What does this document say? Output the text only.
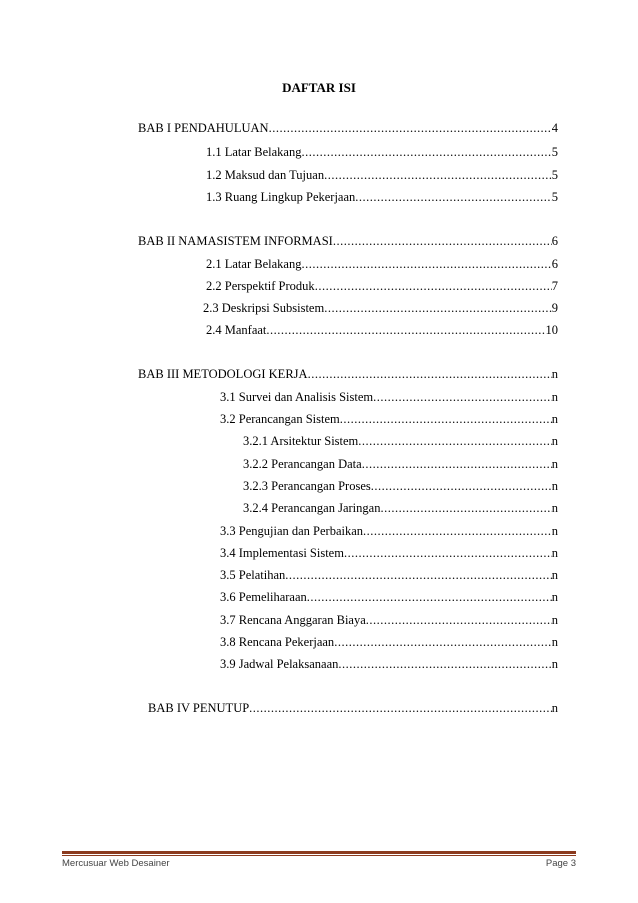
DAFTAR ISI
BAB I PENDAHULUAN .....	4
1.1 Latar Belakang .....	5
1.2 Maksud dan Tujuan .....	5
1.3 Ruang Lingkup Pekerjaan .....	5
BAB II NAMASISTEM INFORMASI .....	6
2.1 Latar Belakang .....	6
2.2 Perspektif Produk .....	7
2.3 Deskripsi Subsistem .....	9
2.4 Manfaat .....	10
BAB III METODOLOGI KERJA .....	n
3.1 Survei dan Analisis Sistem .....	n
3.2 Perancangan Sistem .....	n
3.2.1 Arsitektur Sistem .....	n
3.2.2 Perancangan Data .....	n
3.2.3 Perancangan Proses .....	n
3.2.4 Perancangan Jaringan .....	n
3.3 Pengujian dan Perbaikan .....	n
3.4 Implementasi Sistem .....	n
3.5 Pelatihan .....	n
3.6 Pemeliharaan .....	n
3.7 Rencana Anggaran Biaya .....	n
3.8 Rencana Pekerjaan .....	n
3.9 Jadwal Pelaksanaan .....	n
BAB IV PENUTUP .....	n
Mercusuar Web Desainer	Page 3
